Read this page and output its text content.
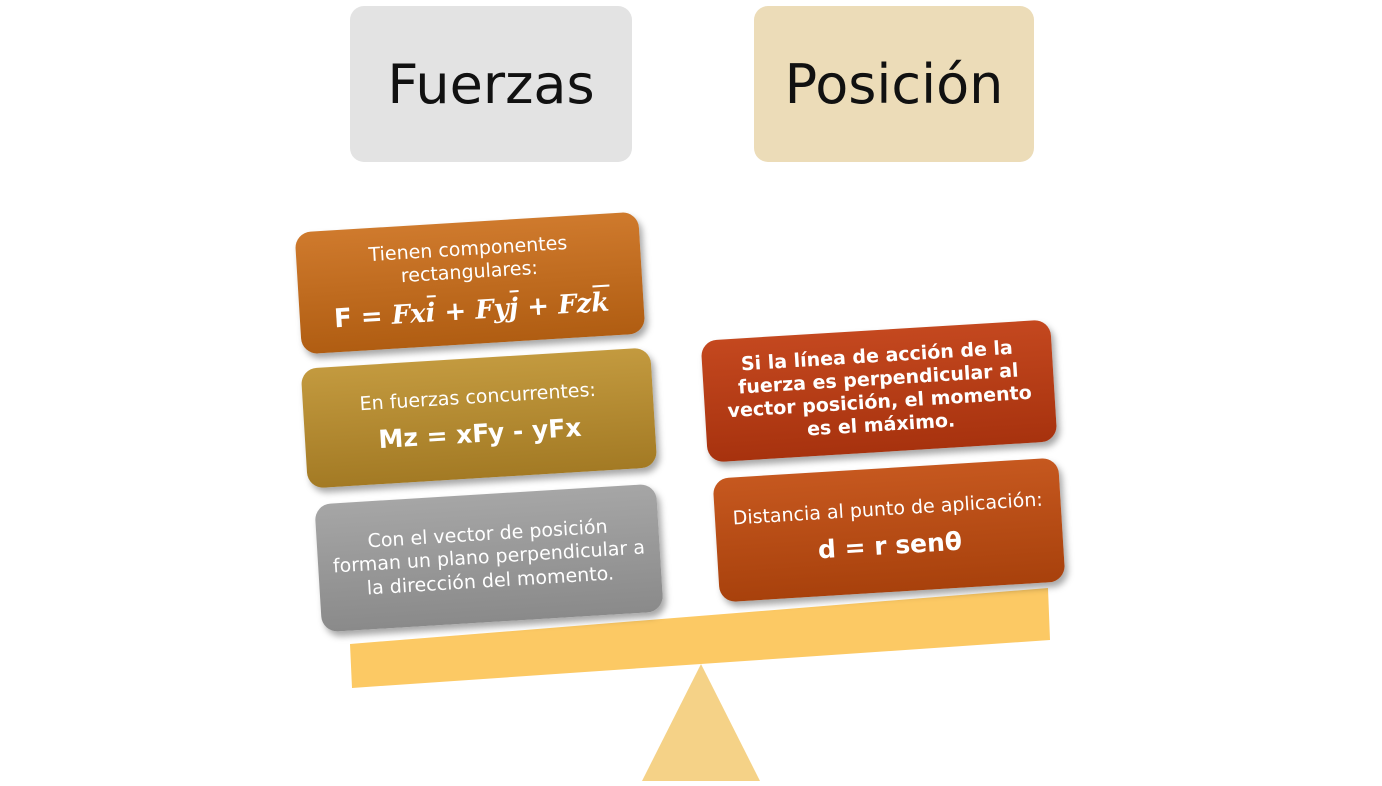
Fuerzas	Posición
Tienen componentes rectangulares:
F = Fxi + Fyj + Fzk
En fuerzas concurrentes:
Mz = xFy - yFx
Con el vector de posición forman un plano perpendicular a la dirección del momento.
Si la línea de acción de la fuerza es perpendicular al vector posición, el momento es el máximo.
Distancia al punto de aplicación:
d = r senθ
